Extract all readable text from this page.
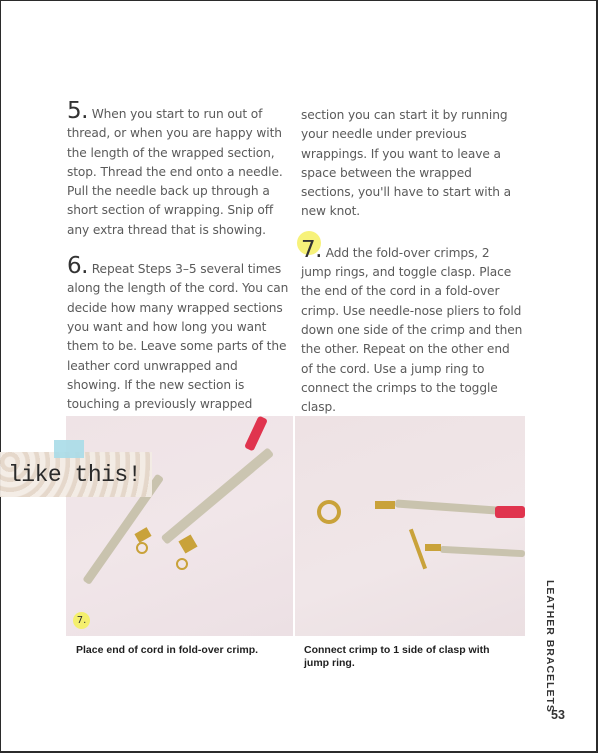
5. When you start to run out of thread, or when you are happy with the length of the wrapped section, stop. Thread the end onto a needle. Pull the needle back up through a short section of wrapping. Snip off any extra thread that is showing.

6. Repeat Steps 3–5 several times along the length of the cord. You can decide how many wrapped sections you want and how long you want them to be. Leave some parts of the leather cord unwrapped and showing. If the new section is touching a previously wrapped

section you can start it by running your needle under previous wrappings. If you want to leave a space between the wrapped sections, you'll have to start with a new knot.

7. Add the fold-over crimps, 2 jump rings, and toggle clasp. Place the end of the cord in a fold-over crimp. Use needle-nose pliers to fold down one side of the crimp and then the other. Repeat on the other end of the cord. Use a jump ring to connect the crimps to the toggle clasp.

like this!
7.
Place end of cord in fold-over crimp.	Connect crimp to 1 side of clasp with jump ring.	LEATHER BRACELETS
53
